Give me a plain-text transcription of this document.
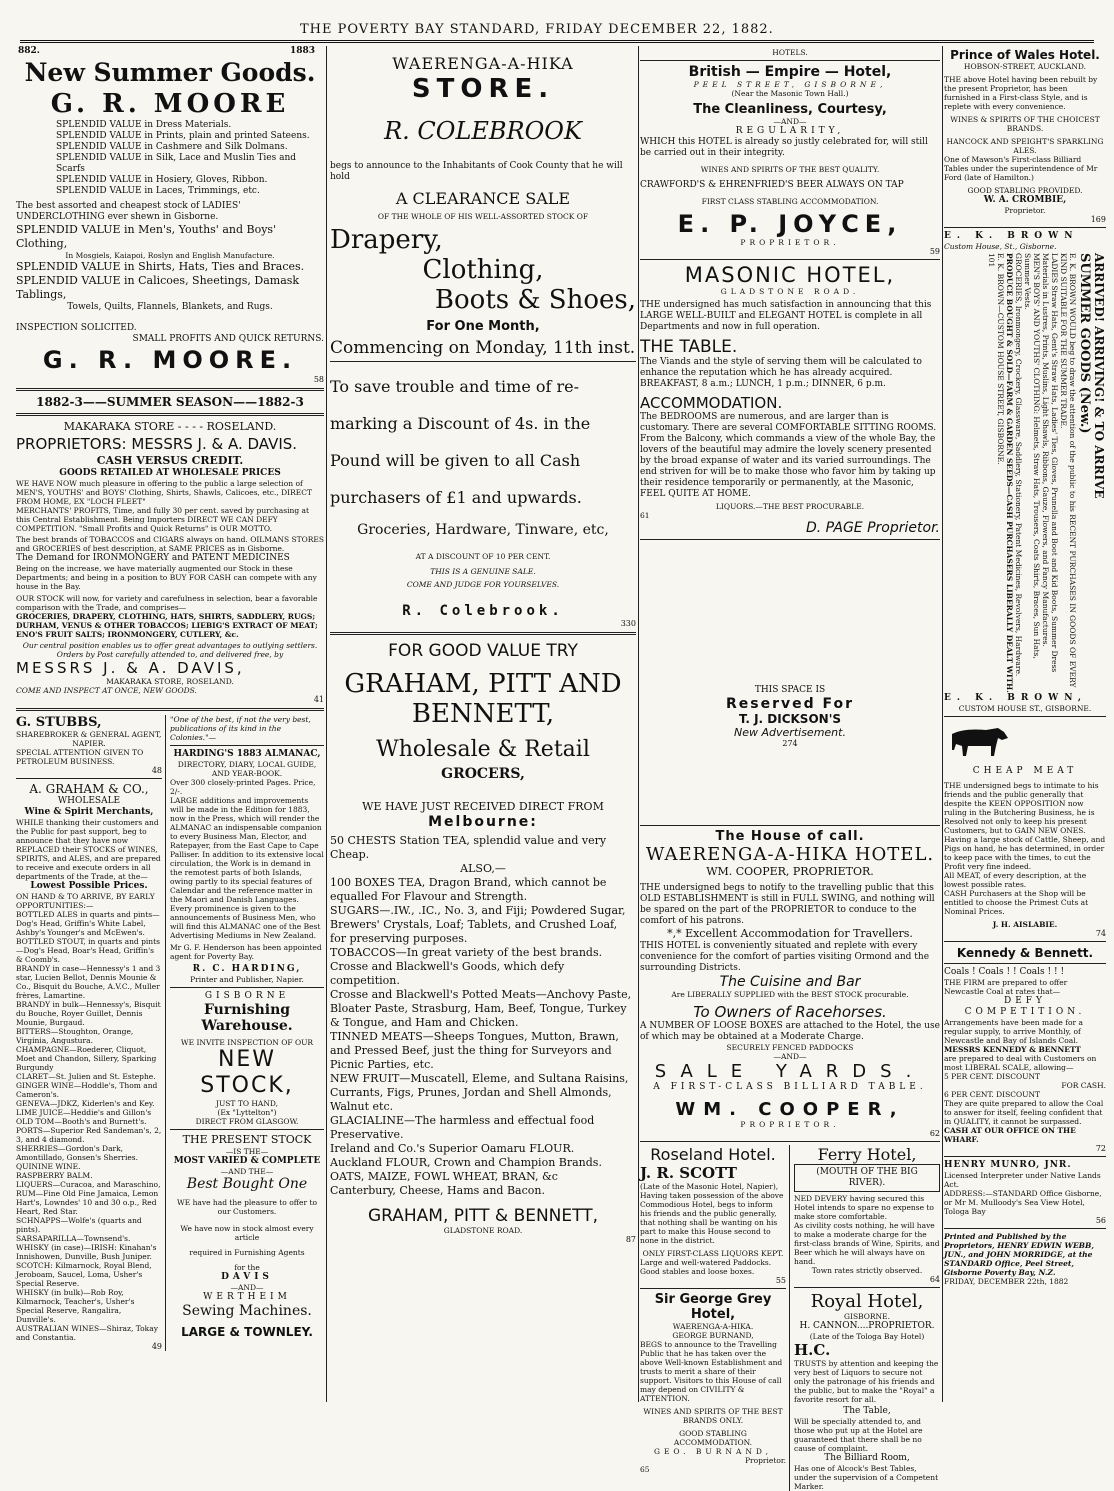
THE POVERTY BAY STANDARD, FRIDAY DECEMBER 22, 1882.
882.	1883
New Summer Goods.
G. R. MOORE
SPLENDID VALUE in Dress Materials.
SPLENDID VALUE in Prints, plain and printed Sateens.
SPLENDID VALUE in Cashmere and Silk Dolmans.
SPLENDID VALUE in Silk, Lace and Muslin Ties and Scarfs
SPLENDID VALUE in Hosiery, Gloves, Ribbon.
SPLENDID VALUE in Laces, Trimmings, etc.
The best assorted and cheapest stock of LADIES' UNDERCLOTHING ever shewn in Gisborne.
SPLENDID VALUE in Men's, Youths' and Boys' Clothing,
In Mosgiels, Kaiapoi, Roslyn and English Manufacture.
SPLENDID VALUE in Shirts, Hats, Ties and Braces.
SPLENDID VALUE in Calicoes, Sheetings, Damask Tablings,
Towels, Quilts, Flannels, Blankets, and Rugs.
INSPECTION SOLICITED.
SMALL PROFITS AND QUICK RETURNS.
G. R. MOORE.
58
1882-3——SUMMER SEASON——1882-3
MAKARAKA STORE - - - - ROSELAND.
PROPRIETORS: MESSRS J. & A. DAVIS.
CASH VERSUS CREDIT.
GOODS RETAILED AT WHOLESALE PRICES
WE HAVE NOW much pleasure in offering to the public a large selection of MEN'S, YOUTHS' and BOYS' Clothing, Shirts, Shawls, Calicoes, etc., DIRECT FROM HOME, EX "LOCH FLEET"
MERCHANTS' PROFITS, Time, and fully 30 per cent. saved by purchasing at this Central Establishment. Being Importers DIRECT WE CAN DEFY COMPETITION. "Small Profits and Quick Returns" is OUR MOTTO.
The best brands of TOBACCOS and CIGARS always on hand. OILMANS STORES and GROCERIES of best description, at SAME PRICES as in Gisborne.
The Demand for IRONMONGERY and PATENT MEDICINES
Being on the increase, we have materially augmented our Stock in these Departments; and being in a position to BUY FOR CASH can compete with any house in the Bay.
OUR STOCK will now, for variety and carefulness in selection, bear a favorable comparison with the Trade, and comprises—
GROCERIES, DRAPERY, CLOTHING, HATS, SHIRTS, SADDLERY, RUGS; DURHAM, VENUS & OTHER TOBACCOS; LIEBIG'S EXTRACT OF MEAT; ENO'S FRUIT SALTS; IRONMONGERY, CUTLERY, &c.
Our central position enables us to offer great advantages to outlying settlers. Orders by Post carefully attended to, and delivered free, by
MESSRS J. & A. DAVIS,
MAKARAKA STORE, ROSELAND.
COME AND INSPECT AT ONCE, NEW GOODS.
41
G. STUBBS,
SHAREBROKER & GENERAL AGENT,
NAPIER.
SPECIAL ATTENTION GIVEN TO PETROLEUM BUSINESS.
48
A. GRAHAM & CO.,
WHOLESALE
Wine & Spirit Merchants,
WHILE thanking their customers and the Public for past support, beg to announce that they have now REPLACED their STOCKS of WINES, SPIRITS, and ALES, and are prepared to receive and execute orders in all departments of the Trade, at the—
Lowest Possible Prices.
ON HAND & TO ARRIVE, BY EARLY OPPORTUNITIES:—
BOTTLED ALES in quarts and pints—Dog's Head, Griffin's White Label, Ashby's Younger's and McEwen's.
BOTTLED STOUT, in quarts and pints—Dog's Head, Boar's Head, Griffin's & Coomb's.
BRANDY in case—Hennessy's 1 and 3 star, Lucien Bellot, Dennis Mounie & Co., Bisquit du Bouche, A.V.C., Muller frères, Lamartine.
BRANDY in bulk—Hennessy's, Bisquit du Bouche, Royer Guillet, Dennis Mounie, Burgaud.
BITTERS—Stoughton, Orange, Virginia, Angustura.
CHAMPAGNE—Roederer, Cliquot, Moet and Chandon, Sillery, Sparking Burgundy
CLARET—St. Julien and St. Estephe.
GINGER WINE—Hoddle's, Thom and Cameron's.
GENEVA—JDKZ, Kiderlen's and Key.
LIME JUICE—Heddie's and Gillon's
OLD TOM—Booth's and Burnett's.
PORTS—Superior Red Sandeman's, 2, 3, and 4 diamond.
SHERRIES—Gordon's Dark, Amontillado, Gonsen's Sherries.
QUININE WINE.
RASPBERRY BALM.
LIQUERS—Curacoa, and Maraschino,
RUM—Fine Old Fine Jamaica, Lemon Hart's, Lowndes' 10 and 30 o.p., Red Heart, Red Star.
SCHNAPPS—Wolfe's (quarts and pints).
SARSAPARILLA—Townsend's.
WHISKY (in case)—IRISH: Kinahan's Innishowen, Dunville, Bush Juniper. SCOTCH: Kilmarnock, Royal Blend, Jeroboam, Saucel, Loma, Usher's Special Reserve.
WHISKY (in bulk)—Rob Roy, Kilmarnock, Teacher's, Usher's Special Reserve, Rangalira, Dunville's.
AUSTRALIAN WINES—Shiraz, Tokay and Constantia.
49
"One of the best, if not the very best, publications of its kind in the Colonies."—
HARDING'S 1883 ALMANAC,
DIRECTORY, DIARY, LOCAL GUIDE, AND YEAR-BOOK.
Over 300 closely-printed Pages. Price, 2/-.
LARGE additions and improvements will be made in the Edition for 1883, now in the Press, which will render the ALMANAC an indispensable companion to every Business Man, Elector, and Ratepayer, from the East Cape to Cape Palliser. In addition to its extensive local circulation, the Work is in demand in the remotest parts of both Islands, owing partly to its special features of Calendar and the reference matter in the Maori and Danish Languages.
Every prominence is given to the announcements of Business Men, who will find this ALMANAC one of the Best Advertising Mediums in New Zealand.
Mr G. F. Henderson has been appointed agent for Poverty Bay.
R. C. HARDING,
Printer and Publisher, Napier.
GISBORNE
Furnishing Warehouse.
WE INVITE INSPECTION OF OUR
NEW STOCK,
JUST TO HAND,
(Ex "Lyttelton")
DIRECT FROM GLASGOW.
THE PRESENT STOCK
—IS THE—
MOST VARIED & COMPLETE
—AND THE—
Best Bought One
WE have had the pleasure to offer to our Customers.
We have now in stock almost every article
required in Furnishing Agents
for the
DAVIS
—AND—
WERTHEIM
Sewing Machines.
LARGE & TOWNLEY.
WAERENGA-A-HIKA
STORE.
R. COLEBROOK
begs to announce to the Inhabitants of Cook County that he will hold
A CLEARANCE SALE
OF THE WHOLE OF HIS WELL-ASSORTED STOCK OF
Drapery,
Clothing,
Boots & Shoes,
For One Month,
Commencing on Monday, 11th inst.
To save trouble and time of re-marking a Discount of 4s. in the Pound will be given to all Cash purchasers of £1 and upwards.
Groceries, Hardware, Tinware, etc,
AT A DISCOUNT OF 10 PER CENT.
THIS IS A GENUINE SALE.
COME AND JUDGE FOR YOURSELVES.
R. Colebrook.
330
FOR GOOD VALUE TRY
GRAHAM, PITT AND BENNETT,
Wholesale & Retail
GROCERS,
WE HAVE JUST RECEIVED DIRECT FROM
Melbourne:
50 CHESTS Station TEA, splendid value and very Cheap.
ALSO,—
100 BOXES TEA, Dragon Brand, which cannot be equalled For Flavour and Strength.
SUGARS—.IW., .IC., No. 3, and Fiji; Powdered Sugar, Brewers' Crystals, Loaf; Tablets, and Crushed Loaf, for preserving purposes.
TOBACCOS—In great variety of the best brands.
Crosse and Blackwell's Goods, which defy competition.
Crosse and Blackwell's Potted Meats—Anchovy Paste, Bloater Paste, Strasburg, Ham, Beef, Tongue, Turkey & Tongue, and Ham and Chicken.
TINNED MEATS—Sheeps Tongues, Mutton, Brawn, and Pressed Beef, just the thing for Surveyors and Picnic Parties, etc.
NEW FRUIT—Muscatell, Eleme, and Sultana Raisins, Currants, Figs, Prunes, Jordan and Shell Almonds, Walnut etc.
GLACIALINE—The harmless and effectual food Preservative.
Ireland and Co.'s Superior Oamaru FLOUR.
Auckland FLOUR, Crown and Champion Brands.
OATS, MAIZE, FOWL WHEAT, BRAN, &c
Canterbury, Cheese, Hams and Bacon.
GRAHAM, PITT & BENNETT,
GLADSTONE ROAD.
87
HOTELS.
British — Empire — Hotel,
PEEL STREET, GISBORNE,
(Near the Masonic Town Hall.)
The Cleanliness, Courtesy,
—AND—
REGULARITY,
WHICH this HOTEL is already so justly celebrated for, will still be carried out in their integrity.
WINES AND SPIRITS OF THE BEST QUALITY.
CRAWFORD'S & EHRENFRIED'S BEER ALWAYS ON TAP
FIRST CLASS STABLING ACCOMMODATION.
E. P. JOYCE,
PROPRIETOR.
59
MASONIC HOTEL,
GLADSTONE ROAD.
THE undersigned has much satisfaction in announcing that this LARGE WELL-BUILT and ELEGANT HOTEL is complete in all Departments and now in full operation.
THE TABLE.
The Viands and the style of serving them will be calculated to enhance the reputation which he has already acquired. BREAKFAST, 8 a.m.; LUNCH, 1 p.m.; DINNER, 6 p.m.
ACCOMMODATION.
The BEDROOMS are numerous, and are larger than is customary. There are several COMFORTABLE SITTING ROOMS. From the Balcony, which commands a view of the whole Bay, the lovers of the beautiful may admire the lovely scenery presented by the broad expanse of water and its varied surroundings. The end striven for will be to make those who favor him by taking up their residence temporarily or permanently, at the Masonic, FEEL QUITE AT HOME.
LIQUORS.—THE BEST PROCURABLE.
61
D. PAGE Proprietor.
THIS SPACE IS
Reserved For
T. J. DICKSON'S
New Advertisement.
274
The House of call.
WAERENGA-A-HIKA HOTEL.
WM. COOPER, PROPRIETOR.
THE undersigned begs to notify to the travelling public that this OLD ESTABLISHMENT is still in FULL SWING, and nothing will be spared on the part of the PROPRIETOR to conduce to the comfort of his patrons.
*,* Excellent Accommodation for Travellers.
THIS HOTEL is conveniently situated and replete with every convenience for the comfort of parties visiting Ormond and the surrounding Districts.
The Cuisine and Bar
Are LIBERALLY SUPPLIED with the BEST STOCK procurable.
To Owners of Racehorses.
A NUMBER OF LOOSE BOXES are attached to the Hotel, the use of which may be obtained at a Moderate Charge.
SECURELY FENCED PADDOCKS
—AND—
SALE YARDS.
A FIRST-CLASS BILLIARD TABLE.
WM. COOPER,
PROPRIETOR.
62
Roseland Hotel.
J. R. SCOTT
(Late of the Masonic Hotel, Napier),
Having taken possession of the above Commodious Hotel, begs to inform his friends and the public generally, that nothing shall be wanting on his part to make this House second to none in the district.
ONLY FIRST-CLASS LIQUORS KEPT.
Large and well-watered Paddocks. Good stables and loose boxes.
55
Sir George Grey Hotel,
WAERENGA-A-HIKA.
GEORGE BURNAND,
BEGS to announce to the Travelling Public that he has taken over the above Well-known Establishment and trusts to merit a share of their support. Visitors to this House of call may depend on CIVILITY & ATTENTION.
WINES AND SPIRITS OF THE BEST BRANDS ONLY.
GOOD STABLING ACCOMMODATION.
GEO. BURNAND,
Proprietor.
65
Ferry Hotel,
(MOUTH OF THE BIG RIVER).
NED DEVERY having secured this Hotel intends to spare no expense to make store comfortable.
As civility costs nothing, he will have to make a moderate charge for the first-class brands of Wine, Spirits, and Beer which he will always have on hand.
Town rates strictly observed.
64
Royal Hotel,
GISBORNE.
H. CANNON....PROPRIETOR.
(Late of the Tologa Bay Hotel)
H.C.
TRUSTS by attention and keeping the very best of Liquors to secure not only the patronage of his friends and the public, but to make the "Royal" a favorite resort for all.
The Table,
Will be specially attended to, and those who put up at the Hotel are guaranteed that there shall be no cause of complaint.
The Billiard Room,
Has one of Alcock's Best Tables, under the supervision of a Competent Marker.
Prince of Wales Hotel.
HOBSON-STREET, AUCKLAND.
THE above Hotel having been rebuilt by the present Proprietor, has been furnished in a First-class Style, and is replete with every convenience.
WINES & SPIRITS OF THE CHOICEST BRANDS.
HANCOCK AND SPEIGHT'S SPARKLING ALES.
One of Mawson's First-class Billiard Tables under the superintendence of Mr Ford (late of Hamilton.)
GOOD STABLING PROVIDED.
W. A. CROMBIE,
Proprietor.
169
E. K. BROWN
Custom House, St., Gisborne.
ARRIVED! ARRIVING! & TO ARRIVE
SUMMER GOODS (New.)
E. K. BROWN WOULD beg to draw the attention of the public to his RECENT PURCHASES IN GOODS OF EVERY KIND SUITABLE FOR THE SUMMER TRADE.
LADIES Straw Hats, Gent's Straw Hats, Ladies' Ties, Gloves, Prunella and Boot and Kid Boots, Summer Dress Materials in Lustres, Prints, Muslins, Light Shawls, Ribbons, Gauze, Flowers, and Fancy Manufactures.
MEN'S BOYS' AND YOUTHS' CLOTHING: Helmets, Straw Hats, Trousers, Coats Shirts, Braces, Sun Hats, Summer Vests.
GROCERIES, Ironmongery, Crockery, Glassware, Saddlery, Stationery, Patent Medicines, Revolvers, Hardware.
PRODUCE BOUGHT & SOLD—FARM & GARDEN SEEDS—CASH PURCHASERS LIBERALLY DEALT WITH.
E. K. BROWN—CUSTOM HOUSE STREET, GISBORNE.
101
E. K. BROWN,
CUSTOM HOUSE ST., GISBORNE.
CHEAP MEAT
THE undersigned begs to intimate to his friends and the public generally that despite the KEEN OPPOSITION now ruling in the Butchering Business, he is Resolved not only to keep his present Customers, but to GAIN NEW ONES.
Having a large stock of Cattle, Sheep, and Pigs on hand, he has determined, in order to keep pace with the times, to cut the Profit very fine indeed.
All MEAT, of every description, at the lowest possible rates.
CASH Purchasers at the Shop will be entitled to choose the Primest Cuts at Nominal Prices.
J. H. AISLABIE.
74
Kennedy & Bennett.
Coals ! Coals ! ! Coals ! ! !
THE FIRM are prepared to offer Newcastle Coal at rates that—
DEFY COMPETITION.
Arrangements have been made for a regular supply, to arrive Monthly, of Newcastle and Bay of Islands Coal.
MESSRS KENNEDY & BENNETT
are prepared to deal with Customers on most LIBERAL SCALE, allowing—
5 PER CENT. DISCOUNT
FOR CASH.
6 PER CENT. DISCOUNT
They are quite prepared to allow the Coal to answer for itself, feeling confident that in QUALITY, it cannot be surpassed.
CASH AT OUR OFFICE ON THE WHARF.
72
HENRY MUNRO, JNR.
Licensed Interpreter under Native Lands Act.
ADDRESS:—STANDARD Office Gisborne, or Mr M. Mulloody's Sea View Hotel, Tologa Bay
56
Printed and Published by the Proprietors, HENRY EDWIN WEBB, JUN., and JOHN MORRIDGE, at the STANDARD Office, Peel Street, Gisborne Poverty Bay, N.Z.
FRIDAY, DECEMBER 22th, 1882
